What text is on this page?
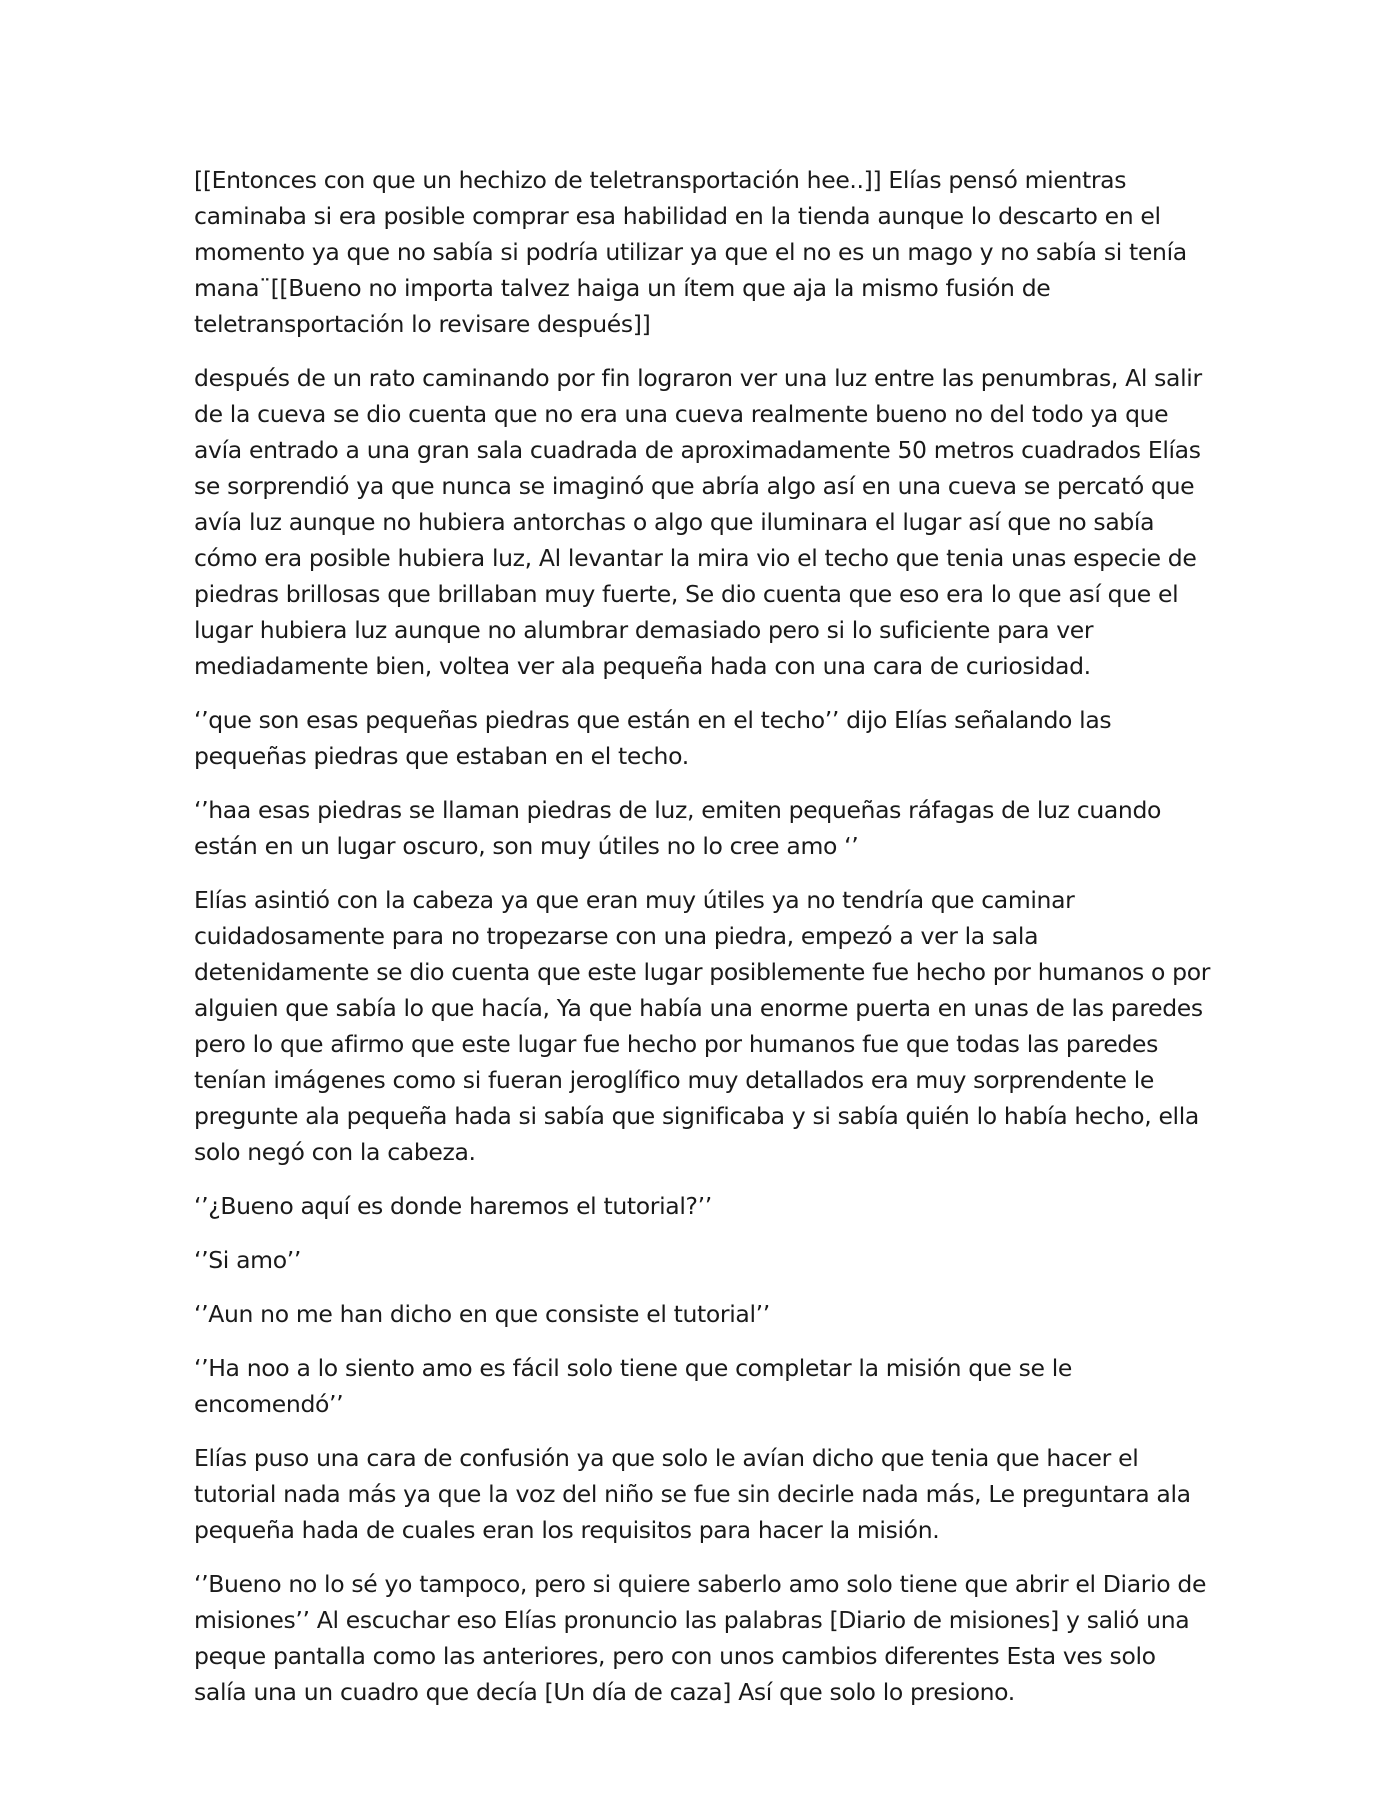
[[Entonces con que un hechizo de teletransportación hee..]] Elías pensó mientras caminaba si era posible comprar esa habilidad en la tienda aunque lo descarto en el momento ya que no sabía si podría utilizar ya que el no es un mago y no sabía si tenía mana¨[[Bueno no importa talvez haiga un ítem que aja la mismo fusión de teletransportación lo revisare después]]

después de un rato caminando por fin lograron ver una luz entre las penumbras, Al salir de la cueva se dio cuenta que no era una cueva realmente bueno no del todo ya que avía entrado a una gran sala cuadrada de aproximadamente 50 metros cuadrados Elías se sorprendió ya que nunca se imaginó que abría algo así en una cueva se percató que avía luz aunque no hubiera antorchas o algo que iluminara el lugar así que no sabía cómo era posible hubiera luz, Al levantar la mira vio el techo que tenia unas especie de piedras brillosas que brillaban muy fuerte, Se dio cuenta que eso era lo que así que el lugar hubiera luz aunque no alumbrar demasiado pero si lo suficiente para ver mediadamente bien, voltea ver ala pequeña hada con una cara de curiosidad.

‘’que son esas pequeñas piedras que están en el techo’’ dijo Elías señalando las pequeñas piedras que estaban en el techo.

‘’haa esas piedras se llaman piedras de luz, emiten pequeñas ráfagas de luz cuando están en un lugar oscuro, son muy útiles no lo cree amo ‘’

Elías asintió con la cabeza ya que eran muy útiles ya no tendría que caminar cuidadosamente para no tropezarse con una piedra, empezó a ver la sala detenidamente se dio cuenta que este lugar posiblemente fue hecho por humanos o por alguien que sabía lo que hacía, Ya que había una enorme puerta en unas de las paredes pero lo que afirmo que este lugar fue hecho por humanos fue que todas las paredes tenían imágenes como si fueran jeroglífico muy detallados era muy sorprendente le pregunte ala pequeña hada si sabía que significaba y si sabía quién lo había hecho, ella solo negó con la cabeza.

‘’¿Bueno aquí es donde haremos el tutorial?’’

‘’Si amo’’

‘’Aun no me han dicho en que consiste el tutorial’’

‘’Ha noo a lo siento amo es fácil solo tiene que completar la misión que se le encomendó’’

Elías puso una cara de confusión ya que solo le avían dicho que tenia que hacer el tutorial nada más ya que la voz del niño se fue sin decirle nada más, Le preguntara ala pequeña hada de cuales eran los requisitos para hacer la misión.

‘’Bueno no lo sé yo tampoco, pero si quiere saberlo amo solo tiene que abrir el Diario de misiones’’ Al escuchar eso Elías pronuncio las palabras [Diario de misiones] y salió una peque pantalla como las anteriores, pero con unos cambios diferentes Esta ves solo salía una un cuadro que decía [Un día de caza] Así que solo lo presiono.
